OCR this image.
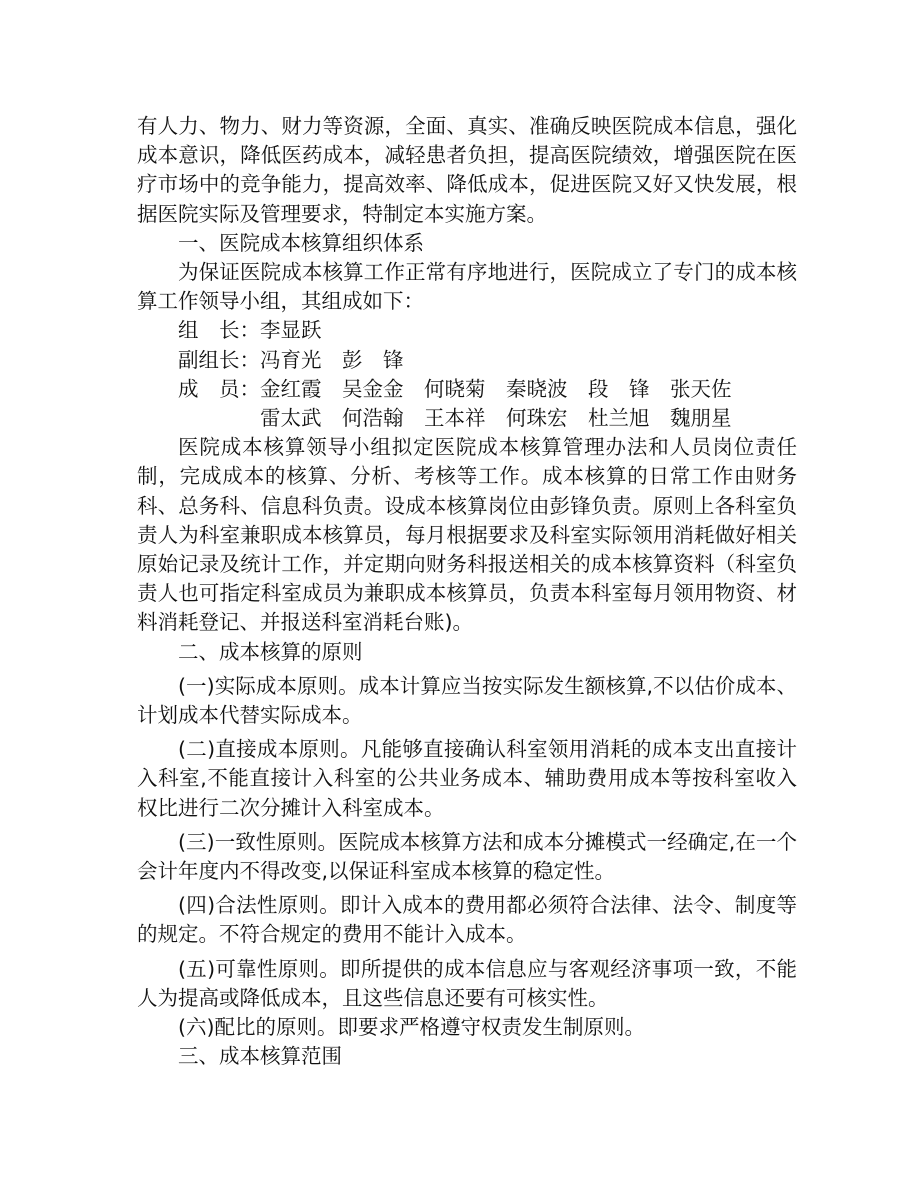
有人力、物力、财力等资源，全面、真实、准确反映医院成本信息，强化成本意识，降低医药成本，减轻患者负担，提高医院绩效，增强医院在医疗市场中的竞争能力，提高效率、降低成本，促进医院又好又快发展，根据医院实际及管理要求，特制定本实施方案。

一、医院成本核算组织体系

为保证医院成本核算工作正常有序地进行，医院成立了专门的成本核算工作领导小组，其组成如下：

组　长： 李显跃
副组长： 冯育光　彭　锋
成　员： 金红霞　吴金金　何晓菊　秦晓波　段　锋　张天佐
雷太武　何浩翰　王本祥　何珠宏　杜兰旭　魏朋星

医院成本核算领导小组拟定医院成本核算管理办法和人员岗位责任制，完成成本的核算、分析、考核等工作。成本核算的日常工作由财务科、总务科、信息科负责。设成本核算岗位由彭锋负责。原则上各科室负责人为科室兼职成本核算员，每月根据要求及科室实际领用消耗做好相关原始记录及统计工作，并定期向财务科报送相关的成本核算资料（科室负责人也可指定科室成员为兼职成本核算员，负责本科室每月领用物资、材料消耗登记、并报送科室消耗台账)。

二、成本核算的原则

(一)实际成本原则。成本计算应当按实际发生额核算,不以估价成本、计划成本代替实际成本。

(二)直接成本原则。凡能够直接确认科室领用消耗的成本支出直接计入科室,不能直接计入科室的公共业务成本、辅助费用成本等按科室收入权比进行二次分摊计入科室成本。

(三)一致性原则。医院成本核算方法和成本分摊模式一经确定,在一个会计年度内不得改变,以保证科室成本核算的稳定性。

(四)合法性原则。即计入成本的费用都必须符合法律、法令、制度等的规定。不符合规定的费用不能计入成本。

(五)可靠性原则。即所提供的成本信息应与客观经济事项一致，不能人为提高或降低成本，且这些信息还要有可核实性。

(六)配比的原则。即要求严格遵守权责发生制原则。

三、成本核算范围
